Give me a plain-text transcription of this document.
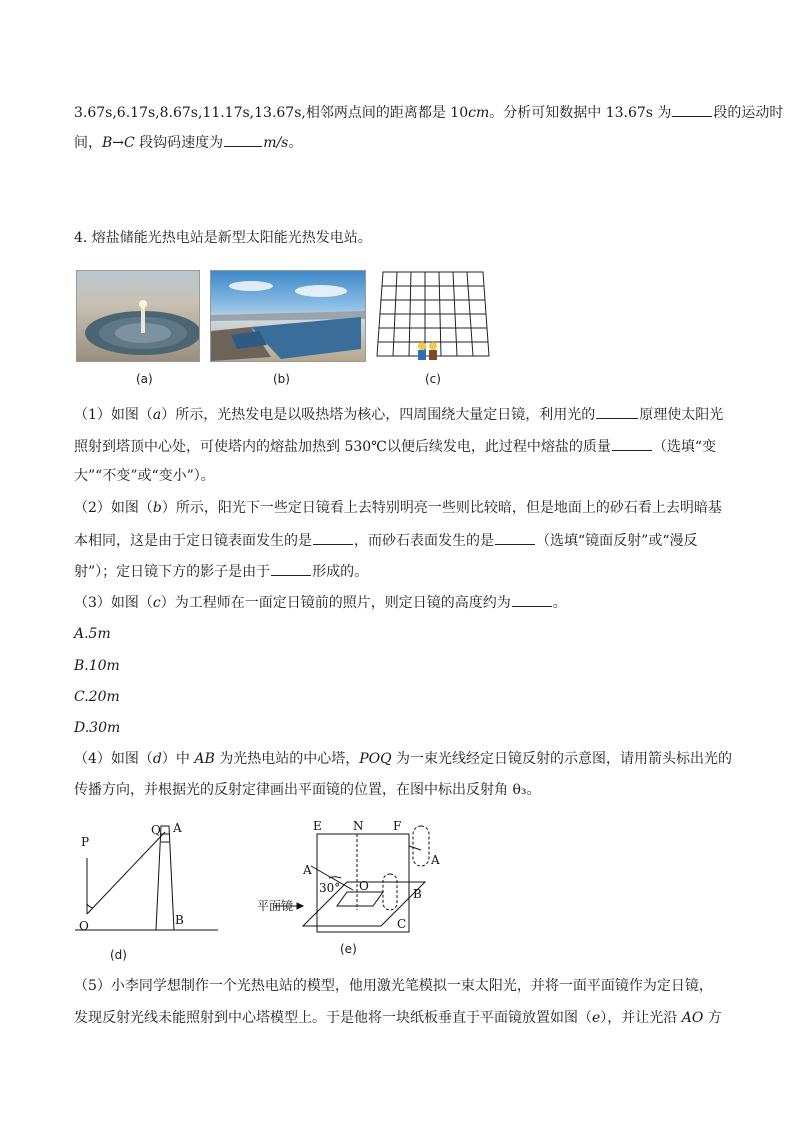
3.67s,6.17s,8.67s,11.17s,13.67s,相邻两点间的距离都是 10cm。分析可知数据中 13.67s 为	段的运动时
间，B→C 段钩码速度为	m/s。
4. 熔盐储能光热电站是新型太阳能光热发电站。
(a)	(b)	(c)
（1）如图（a）所示，光热发电是以吸热塔为核心，四周围绕大量定日镜，利用光的	原理使太阳光
照射到塔顶中心处，可使塔内的熔盐加热到 530℃以便后续发电，此过程中熔盐的质量	（选填“变
大”“不变”或“变小”）。
（2）如图（b）所示，阳光下一些定日镜看上去特别明亮一些则比较暗，但是地面上的砂石看上去明暗基
本相同，这是由于定日镜表面发生的是	，而砂石表面发生的是	（选填“镜面反射”或“漫反
射”）；定日镜下方的影子是由于	形成的。
（3）如图（c）为工程师在一面定日镜前的照片，则定日镜的高度约为	。
A.5m
B.10m
C.20m
D.30m
（4）如图（d）中 AB 为光热电站的中心塔，POQ 为一束光线经定日镜反射的示意图，请用箭头标出光的
传播方向，并根据光的反射定律画出平面镜的位置，在图中标出反射角 θ₃。
P
Q A
O	B
(d)
E	N F
A
30° O
A
B
C
平面镜
(e)
（5）小李同学想制作一个光热电站的模型，他用激光笔模拟一束太阳光，并将一面平面镜作为定日镜，
发现反射光线未能照射到中心塔模型上。于是他将一块纸板垂直于平面镜放置如图（e），并让光沿 AO 方
